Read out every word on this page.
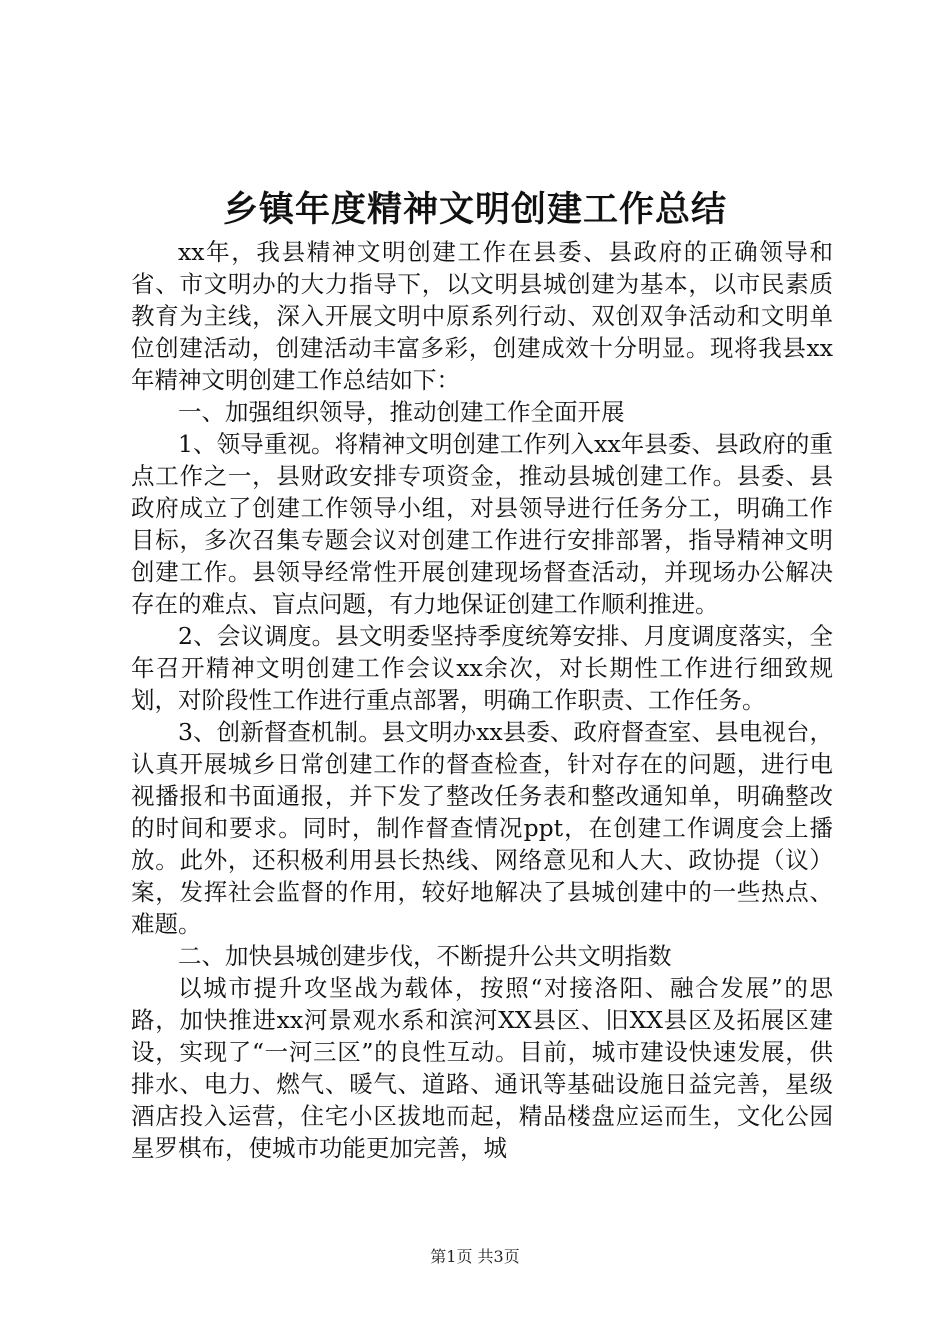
乡镇年度精神文明创建工作总结

xx年，我县精神文明创建工作在县委、县政府的正确领导和省、市文明办的大力指导下，以文明县城创建为基本，以市民素质教育为主线，深入开展文明中原系列行动、双创双争活动和文明单位创建活动，创建活动丰富多彩，创建成效十分明显。现将我县xx年精神文明创建工作总结如下：

一、加强组织领导，推动创建工作全面开展

1、领导重视。将精神文明创建工作列入xx年县委、县政府的重点工作之一，县财政安排专项资金，推动县城创建工作。县委、县政府成立了创建工作领导小组，对县领导进行任务分工，明确工作目标，多次召集专题会议对创建工作进行安排部署，指导精神文明创建工作。县领导经常性开展创建现场督查活动，并现场办公解决存在的难点、盲点问题，有力地保证创建工作顺利推进。

2、会议调度。县文明委坚持季度统筹安排、月度调度落实，全年召开精神文明创建工作会议xx余次，对长期性工作进行细致规划，对阶段性工作进行重点部署，明确工作职责、工作任务。

3、创新督查机制。县文明办xx县委、政府督查室、县电视台，认真开展城乡日常创建工作的督查检查，针对存在的问题，进行电视播报和书面通报，并下发了整改任务表和整改通知单，明确整改的时间和要求。同时，制作督查情况ppt，在创建工作调度会上播放。此外，还积极利用县长热线、网络意见和人大、政协提（议）案，发挥社会监督的作用，较好地解决了县城创建中的一些热点、难题。

二、加快县城创建步伐，不断提升公共文明指数

以城市提升攻坚战为载体，按照“对接洛阳、融合发展”的思路，加快推进xx河景观水系和滨河XX县区、旧XX县区及拓展区建设，实现了“一河三区”的良性互动。目前，城市建设快速发展，供排水、电力、燃气、暖气、道路、通讯等基础设施日益完善，星级酒店投入运营，住宅小区拔地而起，精品楼盘应运而生，文化公园星罗棋布，使城市功能更加完善，城

第1页 共3页
